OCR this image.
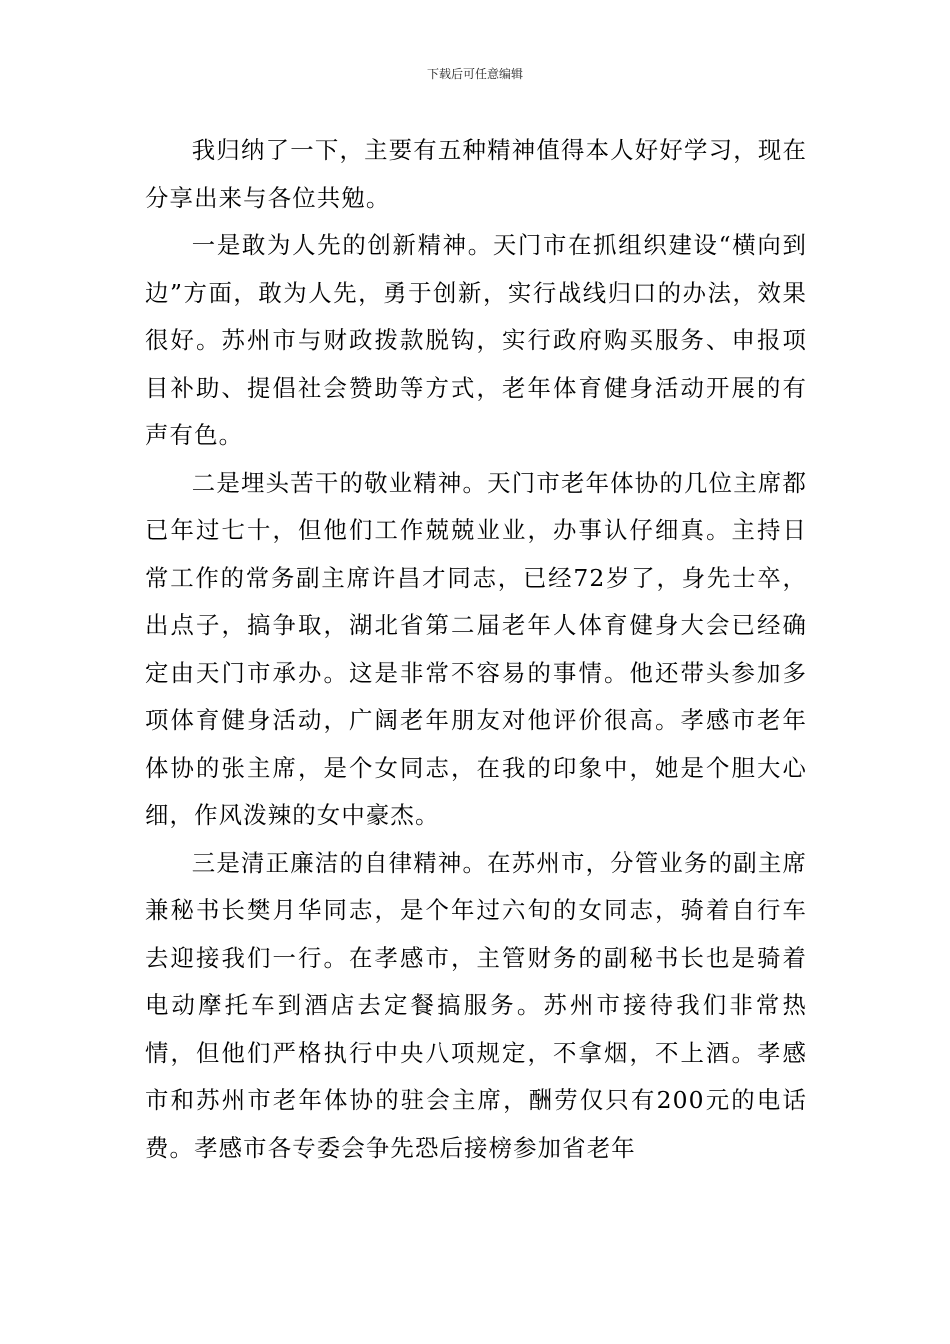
下载后可任意编辑

我归纳了一下，主要有五种精神值得本人好好学习，现在分享出来与各位共勉。

一是敢为人先的创新精神。天门市在抓组织建设“横向到边”方面，敢为人先，勇于创新，实行战线归口的办法，效果很好。苏州市与财政拨款脱钩，实行政府购买服务、申报项目补助、提倡社会赞助等方式，老年体育健身活动开展的有声有色。

二是埋头苦干的敬业精神。天门市老年体协的几位主席都已年过七十，但他们工作兢兢业业，办事认仔细真。主持日常工作的常务副主席许昌才同志，已经72岁了，身先士卒，出点子，搞争取，湖北省第二届老年人体育健身大会已经确定由天门市承办。这是非常不容易的事情。他还带头参加多项体育健身活动，广阔老年朋友对他评价很高。孝感市老年体协的张主席，是个女同志，在我的印象中，她是个胆大心细，作风泼辣的女中豪杰。

三是清正廉洁的自律精神。在苏州市，分管业务的副主席兼秘书长樊月华同志，是个年过六旬的女同志，骑着自行车去迎接我们一行。在孝感市，主管财务的副秘书长也是骑着电动摩托车到酒店去定餐搞服务。苏州市接待我们非常热情，但他们严格执行中央八项规定，不拿烟，不上酒。孝感市和苏州市老年体协的驻会主席，酬劳仅只有200元的电话费。孝感市各专委会争先恐后接榜参加省老年
